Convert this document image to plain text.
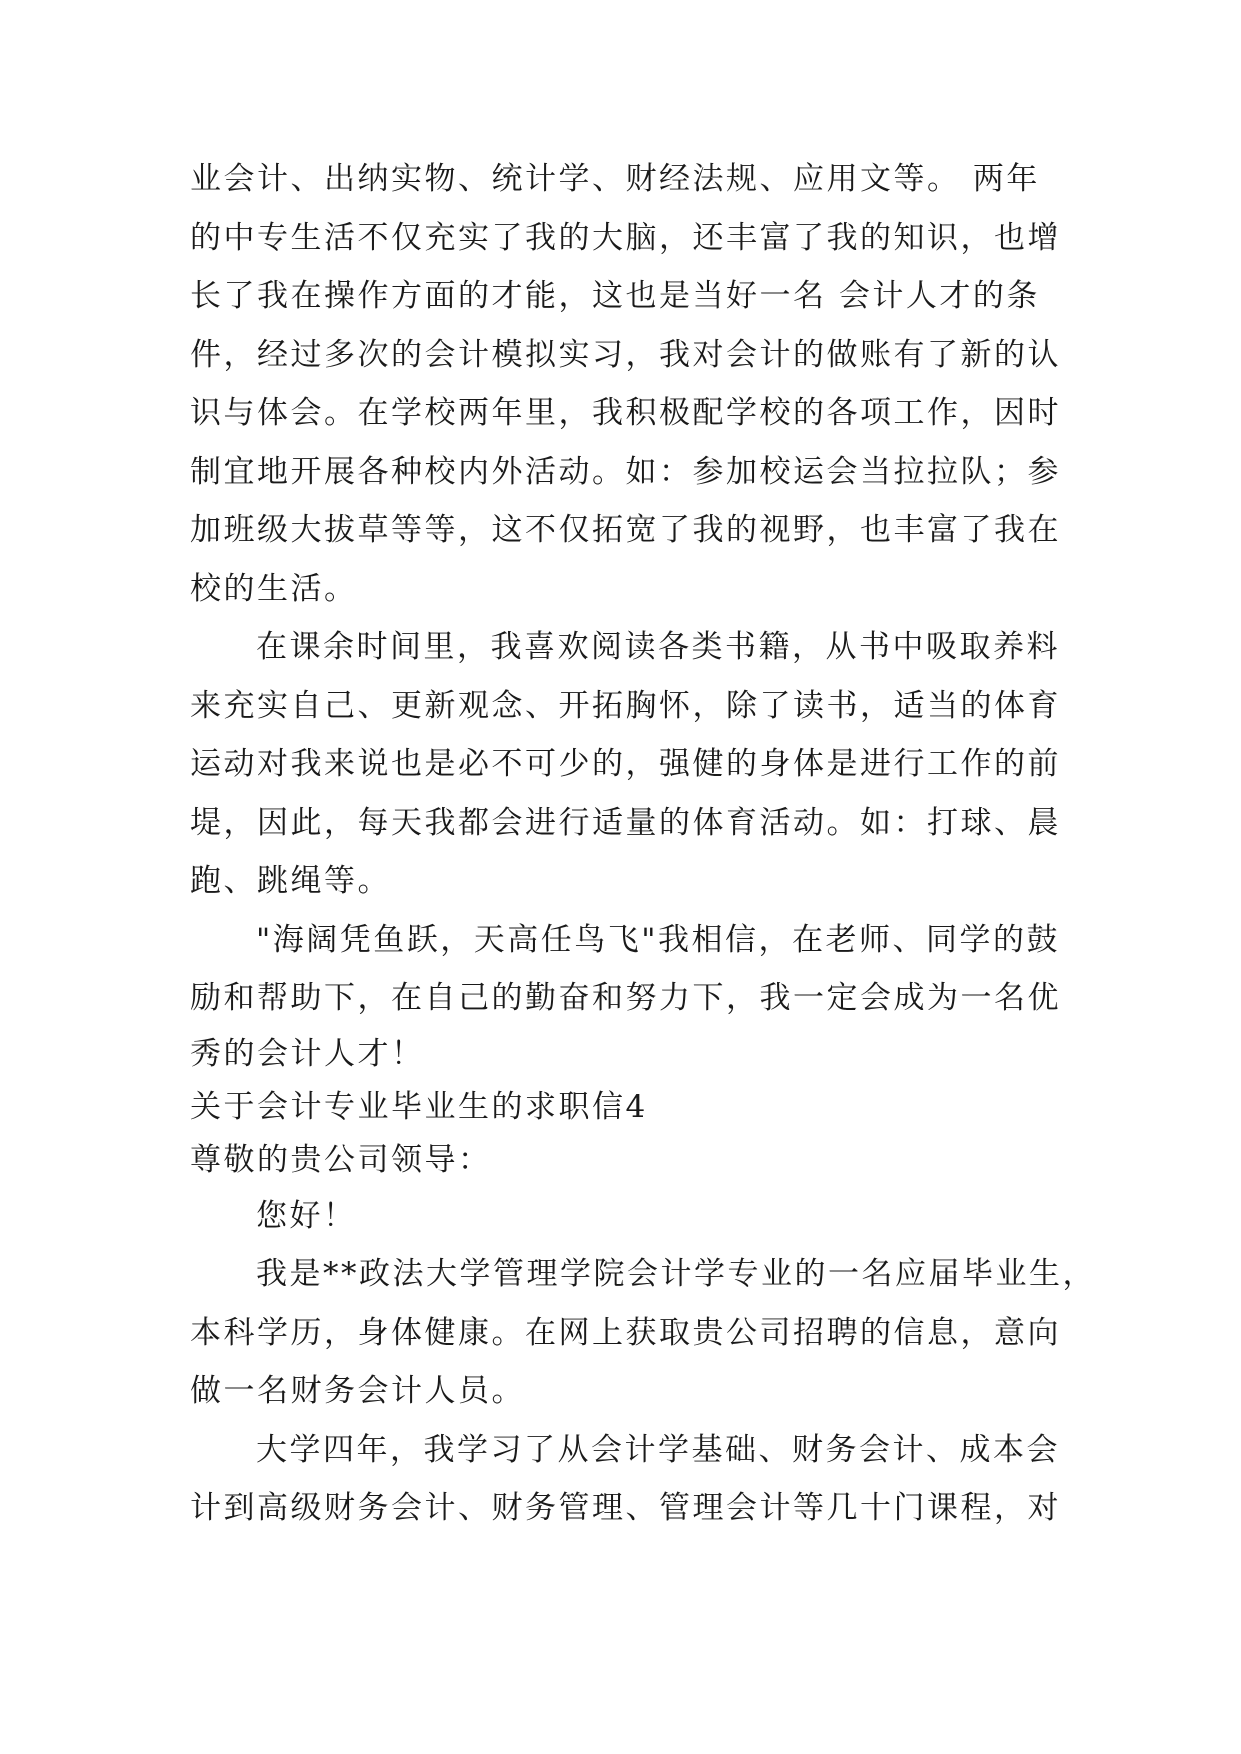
业会计、出纳实物、统计学、财经法规、应用文等。 两年
的中专生活不仅充实了我的大脑，还丰富了我的知识，也增
长了我在操作方面的才能，这也是当好一名 会计人才的条
件，经过多次的会计模拟实习，我对会计的做账有了新的认
识与体会。在学校两年里，我积极配学校的各项工作，因时
制宜地开展各种校内外活动。如：参加校运会当拉拉队；参
加班级大拔草等等，这不仅拓宽了我的视野，也丰富了我在
校的生活。
在课余时间里，我喜欢阅读各类书籍，从书中吸取养料
来充实自己、更新观念、开拓胸怀，除了读书，适当的体育
运动对我来说也是必不可少的，强健的身体是进行工作的前
堤，因此，每天我都会进行适量的体育活动。如：打球、晨
跑、跳绳等。
"海阔凭鱼跃，天高任鸟飞"我相信，在老师、同学的鼓
励和帮助下，在自己的勤奋和努力下，我一定会成为一名优
秀的会计人才！
关于会计专业毕业生的求职信4
尊敬的贵公司领导：
您好！
我是**政法大学管理学院会计学专业的一名应届毕业生，
本科学历，身体健康。在网上获取贵公司招聘的信息，意向
做一名财务会计人员。
大学四年，我学习了从会计学基础、财务会计、成本会
计到高级财务会计、财务管理、管理会计等几十门课程，对
